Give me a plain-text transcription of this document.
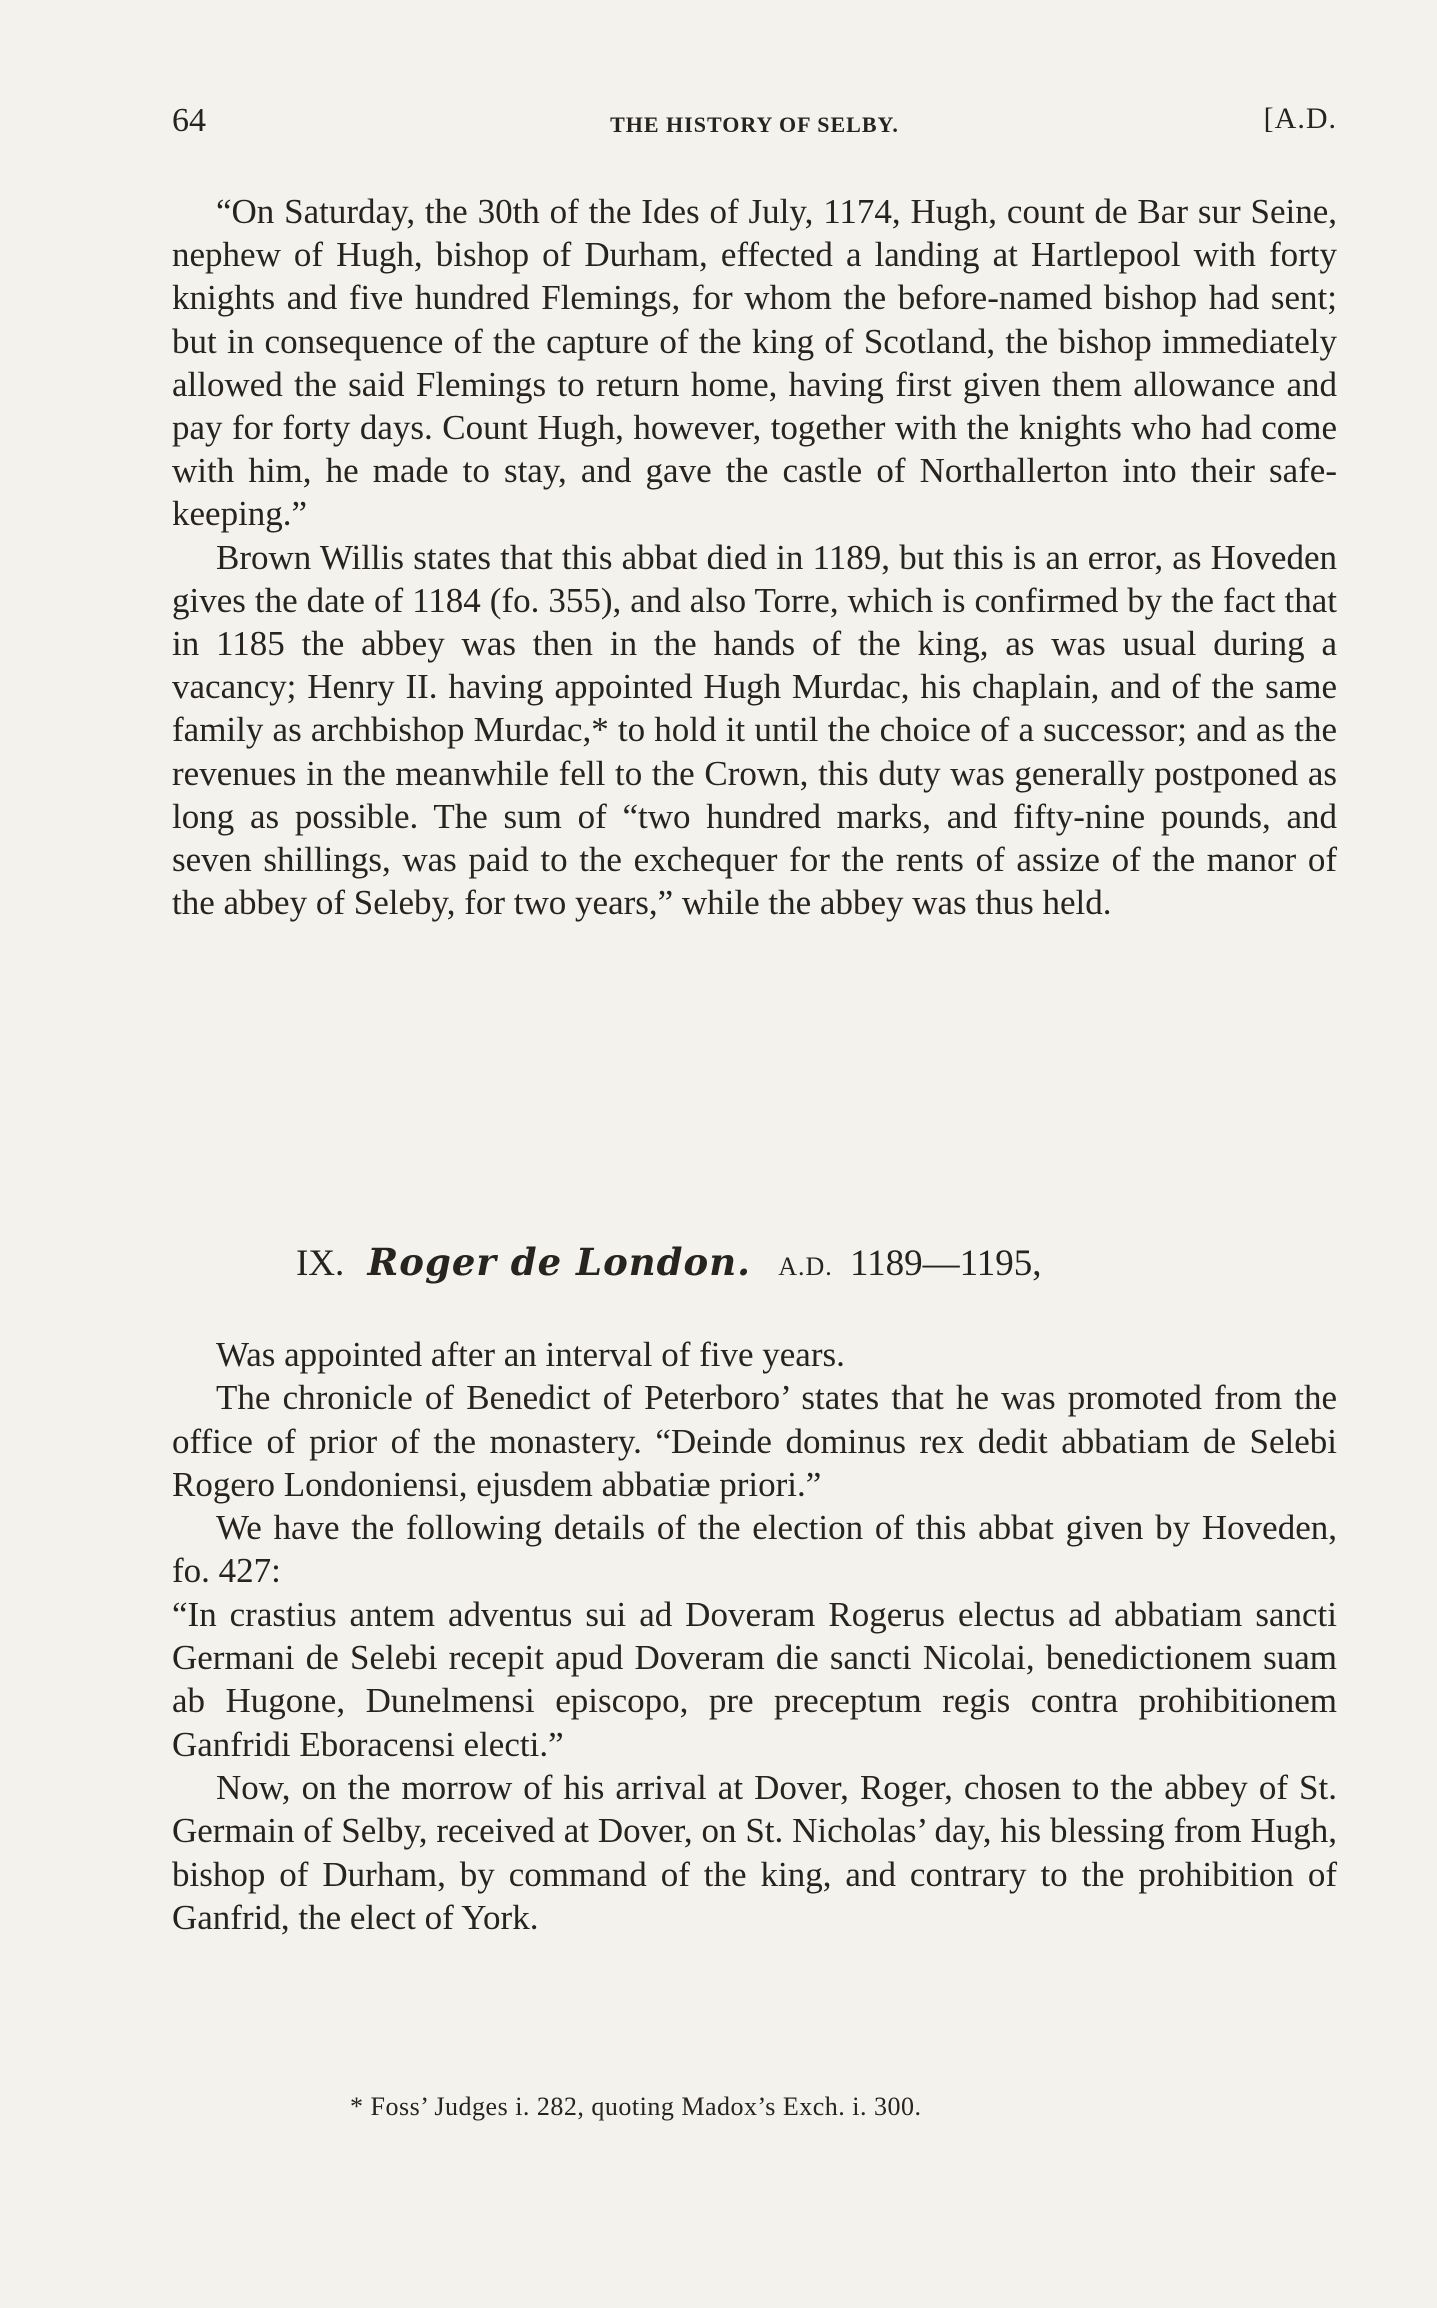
64	THE HISTORY OF SELBY.	[A.D.

“On Saturday, the 30th of the Ides of July, 1174, Hugh, count de Bar sur Seine, nephew of Hugh, bishop of Durham, effected a landing at Hartlepool with forty knights and five hundred Flemings, for whom the before-named bishop had sent; but in consequence of the capture of the king of Scotland, the bishop immediately allowed the said Flemings to return home, having first given them allowance and pay for forty days. Count Hugh, however, together with the knights who had come with him, he made to stay, and gave the castle of Northallerton into their safe-keeping.”

Brown Willis states that this abbat died in 1189, but this is an error, as Hoveden gives the date of 1184 (fo. 355), and also Torre, which is confirmed by the fact that in 1185 the abbey was then in the hands of the king, as was usual during a vacancy; Henry II. having appointed Hugh Murdac, his chaplain, and of the same family as archbishop Murdac,* to hold it until the choice of a successor; and as the revenues in the meanwhile fell to the Crown, this duty was generally postponed as long as possible. The sum of “two hundred marks, and fifty-nine pounds, and seven shillings, was paid to the exchequer for the rents of assize of the manor of the abbey of Seleby, for two years,” while the abbey was thus held.

IX. Roger de London. A.D. 1189—1195,

Was appointed after an interval of five years.

The chronicle of Benedict of Peterboro’ states that he was promoted from the office of prior of the monastery. “Deinde dominus rex dedit abbatiam de Selebi Rogero Londoniensi, ejusdem abbatiæ priori.”

We have the following details of the election of this abbat given by Hoveden, fo. 427:

“In crastius antem adventus sui ad Doveram Rogerus electus ad abbatiam sancti Germani de Selebi recepit apud Doveram die sancti Nicolai, benedictionem suam ab Hugone, Dunelmensi episcopo, pre preceptum regis contra prohibitionem Ganfridi Eboracensi electi.”

Now, on the morrow of his arrival at Dover, Roger, chosen to the abbey of St. Germain of Selby, received at Dover, on St. Nicholas’ day, his blessing from Hugh, bishop of Durham, by command of the king, and contrary to the prohibition of Ganfrid, the elect of York.

* Foss’ Judges i. 282, quoting Madox’s Exch. i. 300.
